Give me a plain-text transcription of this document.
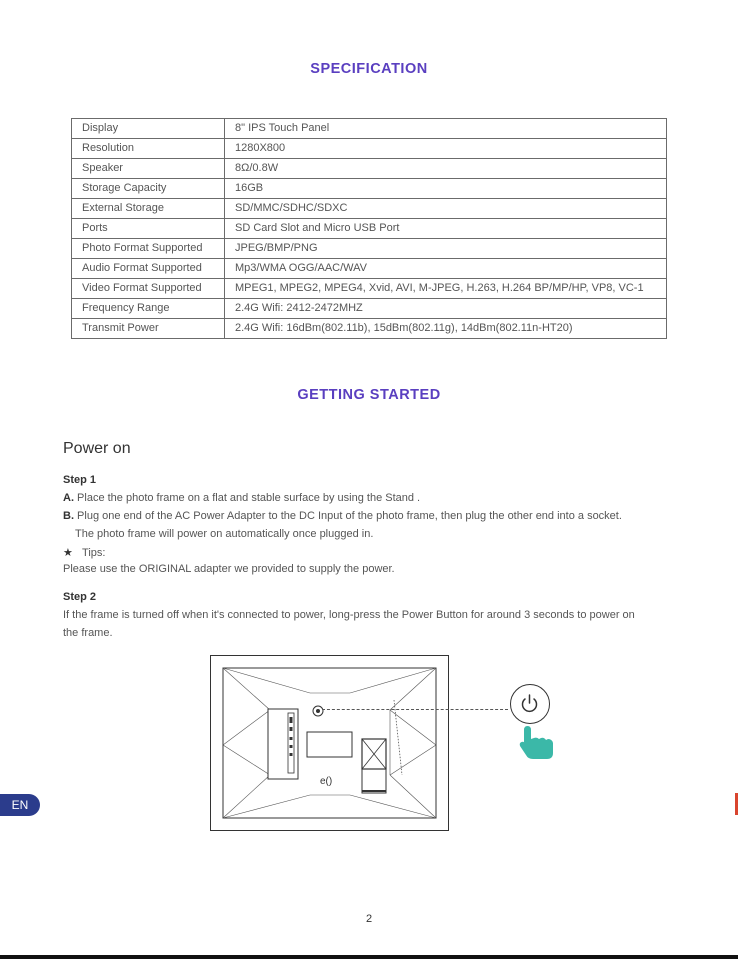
SPECIFICATION
Display	8" IPS Touch Panel
Resolution	1280X800
Speaker	8Ω/0.8W
Storage Capacity	16GB
External Storage	SD/MMC/SDHC/SDXC
Ports	SD Card Slot and Micro USB Port
Photo Format Supported	JPEG/BMP/PNG
Audio Format Supported	Mp3/WMA OGG/AAC/WAV
Video Format Supported	MPEG1, MPEG2, MPEG4, Xvid, AVI, M-JPEG, H.263, H.264 BP/MP/HP, VP8, VC-1
Frequency Range	2.4G Wifi: 2412-2472MHZ
Transmit Power	2.4G Wifi: 16dBm(802.11b), 15dBm(802.11g), 14dBm(802.11n-HT20)
GETTING STARTED
Power on
Step 1
A. Place the photo frame on a flat and stable surface by using the Stand .
B. Plug one end of the AC Power Adapter to the DC Input of the photo frame, then plug the other end into a socket.
The photo frame will power on automatically once plugged in.
★ Tips:
Please use the ORIGINAL adapter we provided to supply the power.
Step 2
If the frame is turned off when it's connected to power, long-press the Power Button for around 3 seconds to power on
the frame.
e()
EN
2
